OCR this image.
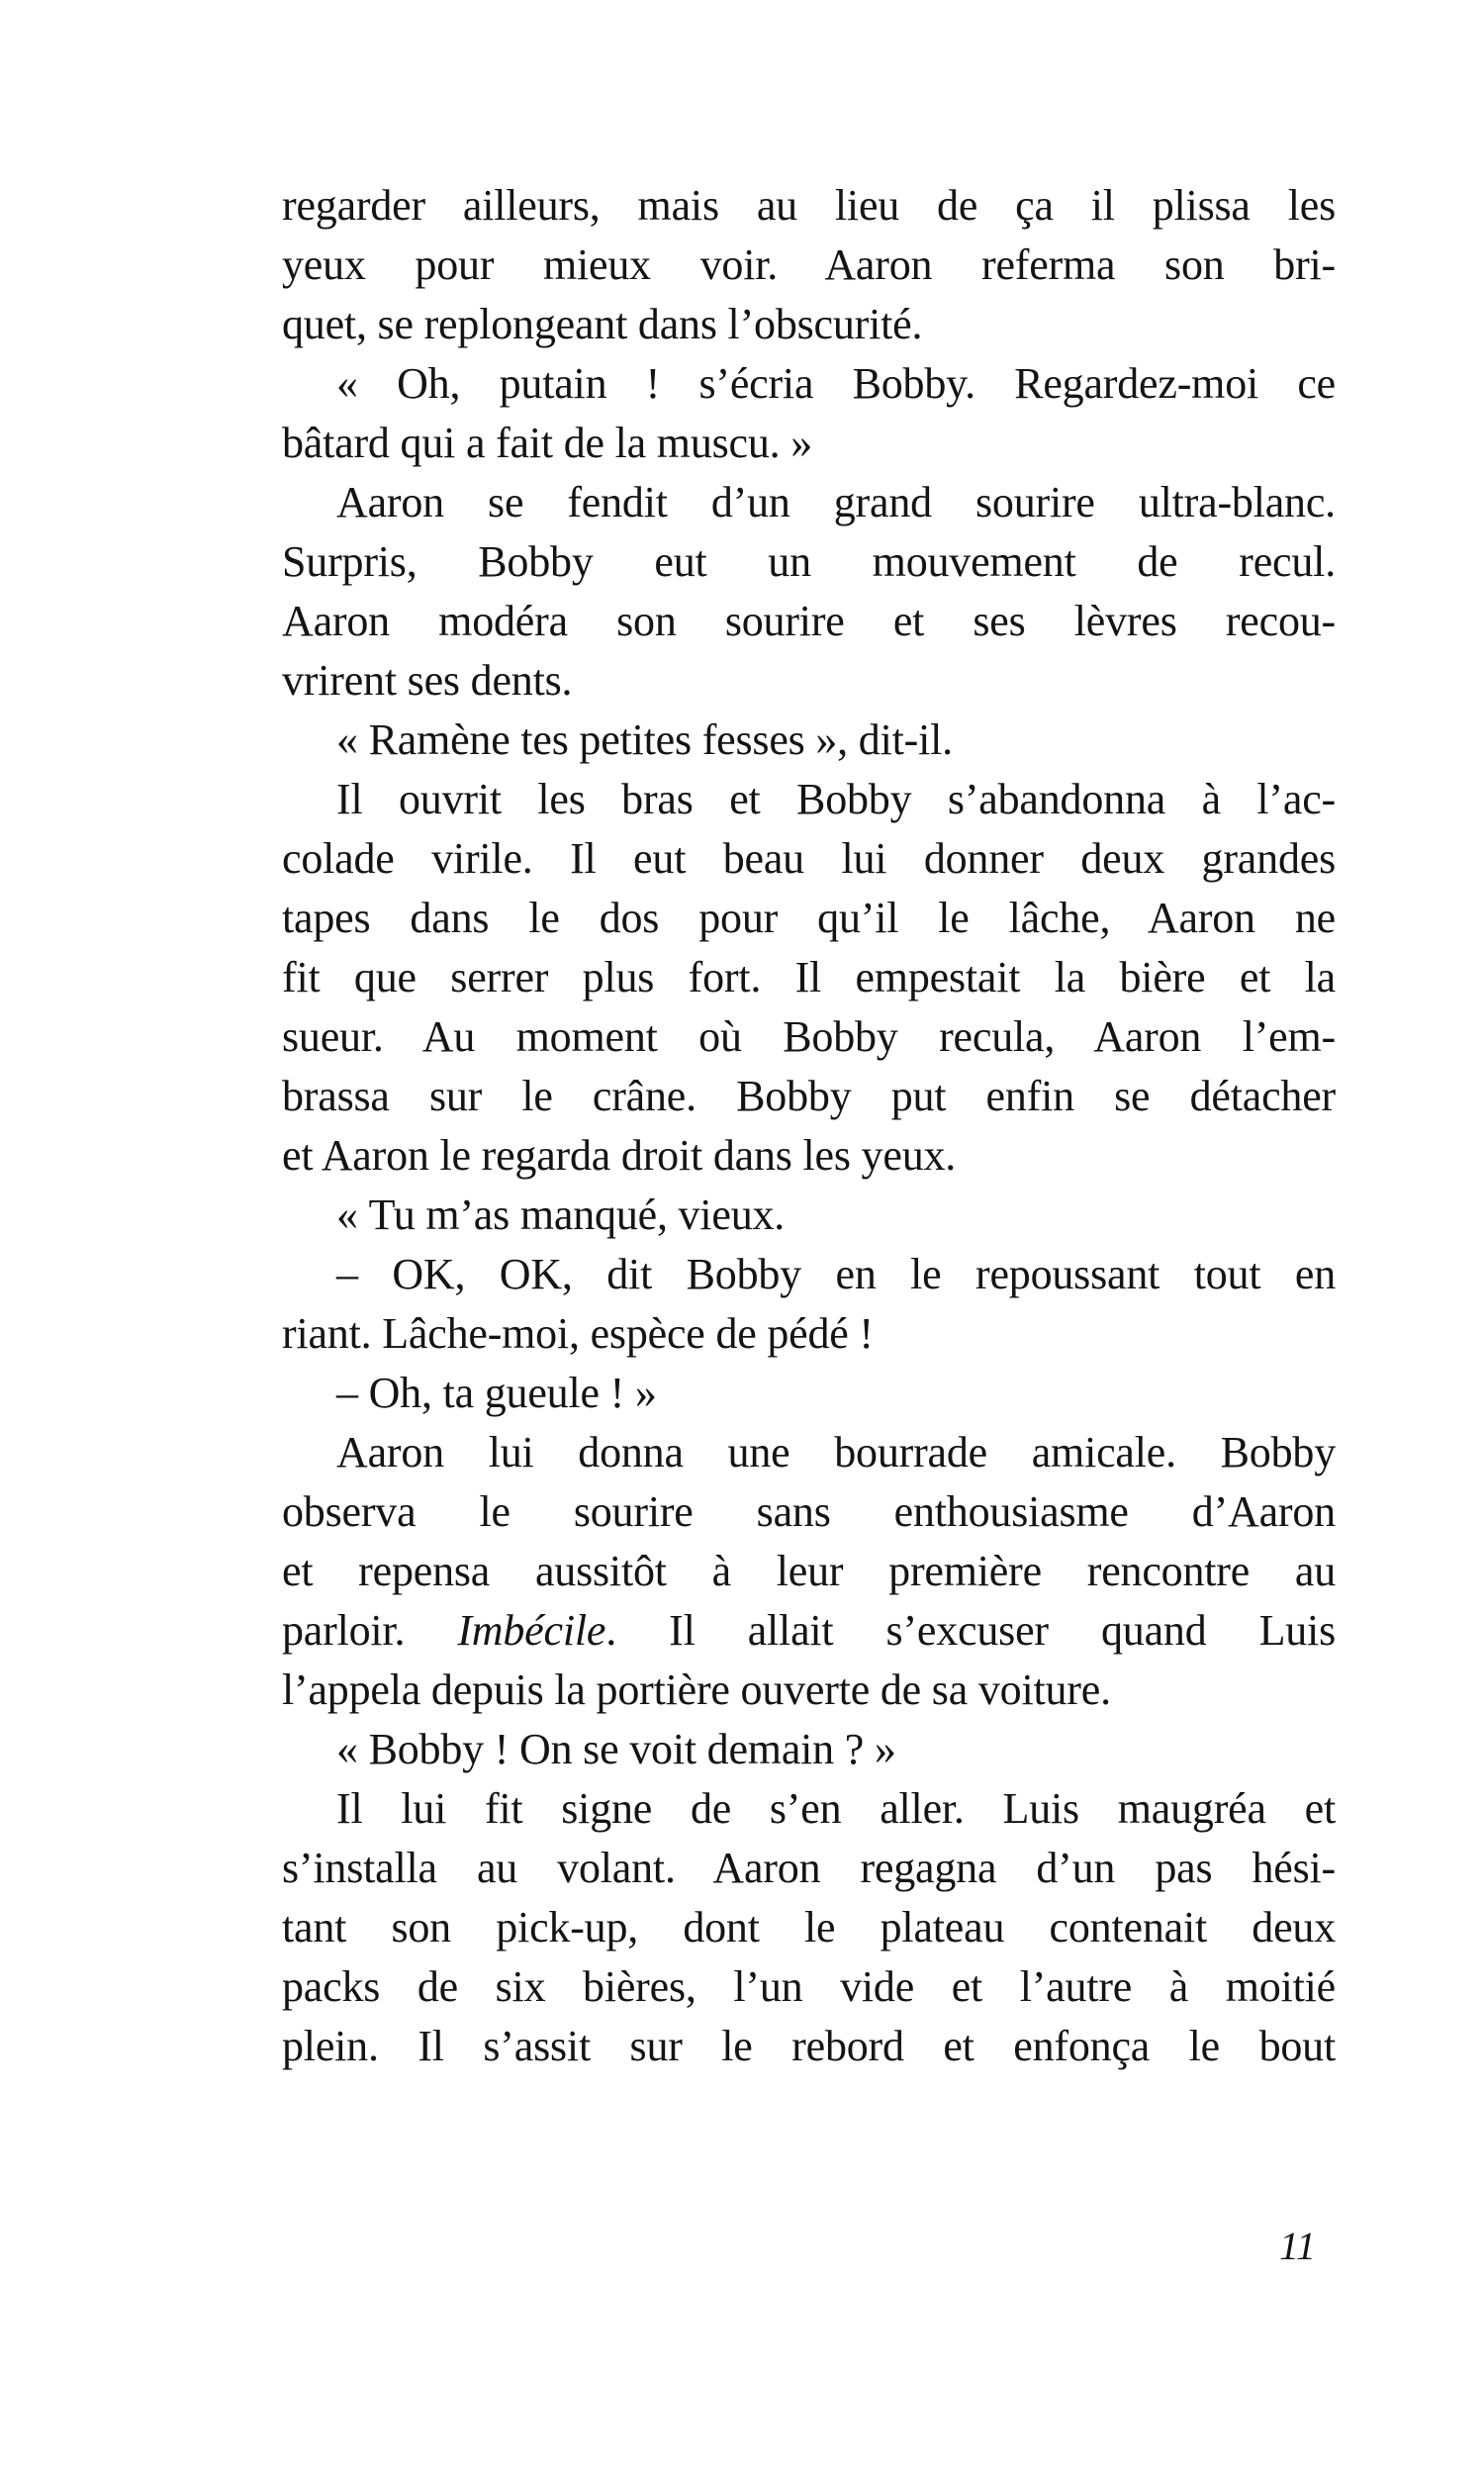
regarder ailleurs, mais au lieu de ça il plissa les
yeux pour mieux voir. Aaron referma son bri-
quet, se replongeant dans l’obscurité.
« Oh, putain ! s’écria Bobby. Regardez-moi ce
bâtard qui a fait de la muscu. »
Aaron se fendit d’un grand sourire ultra-blanc.
Surpris, Bobby eut un mouvement de recul.
Aaron modéra son sourire et ses lèvres recou-
vrirent ses dents.
« Ramène tes petites fesses », dit-il.
Il ouvrit les bras et Bobby s’abandonna à l’ac-
colade virile. Il eut beau lui donner deux grandes
tapes dans le dos pour qu’il le lâche, Aaron ne
fit que serrer plus fort. Il empestait la bière et la
sueur. Au moment où Bobby recula, Aaron l’em-
brassa sur le crâne. Bobby put enfin se détacher
et Aaron le regarda droit dans les yeux.
« Tu m’as manqué, vieux.
– OK, OK, dit Bobby en le repoussant tout en
riant. Lâche-moi, espèce de pédé !
– Oh, ta gueule ! »
Aaron lui donna une bourrade amicale. Bobby
observa le sourire sans enthousiasme d’Aaron
et repensa aussitôt à leur première rencontre au
parloir. Imbécile. Il allait s’excuser quand Luis
l’appela depuis la portière ouverte de sa voiture.
« Bobby ! On se voit demain ? »
Il lui fit signe de s’en aller. Luis maugréa et
s’installa au volant. Aaron regagna d’un pas hési-
tant son pick-up, dont le plateau contenait deux
packs de six bières, l’un vide et l’autre à moitié
plein. Il s’assit sur le rebord et enfonça le bout
11
